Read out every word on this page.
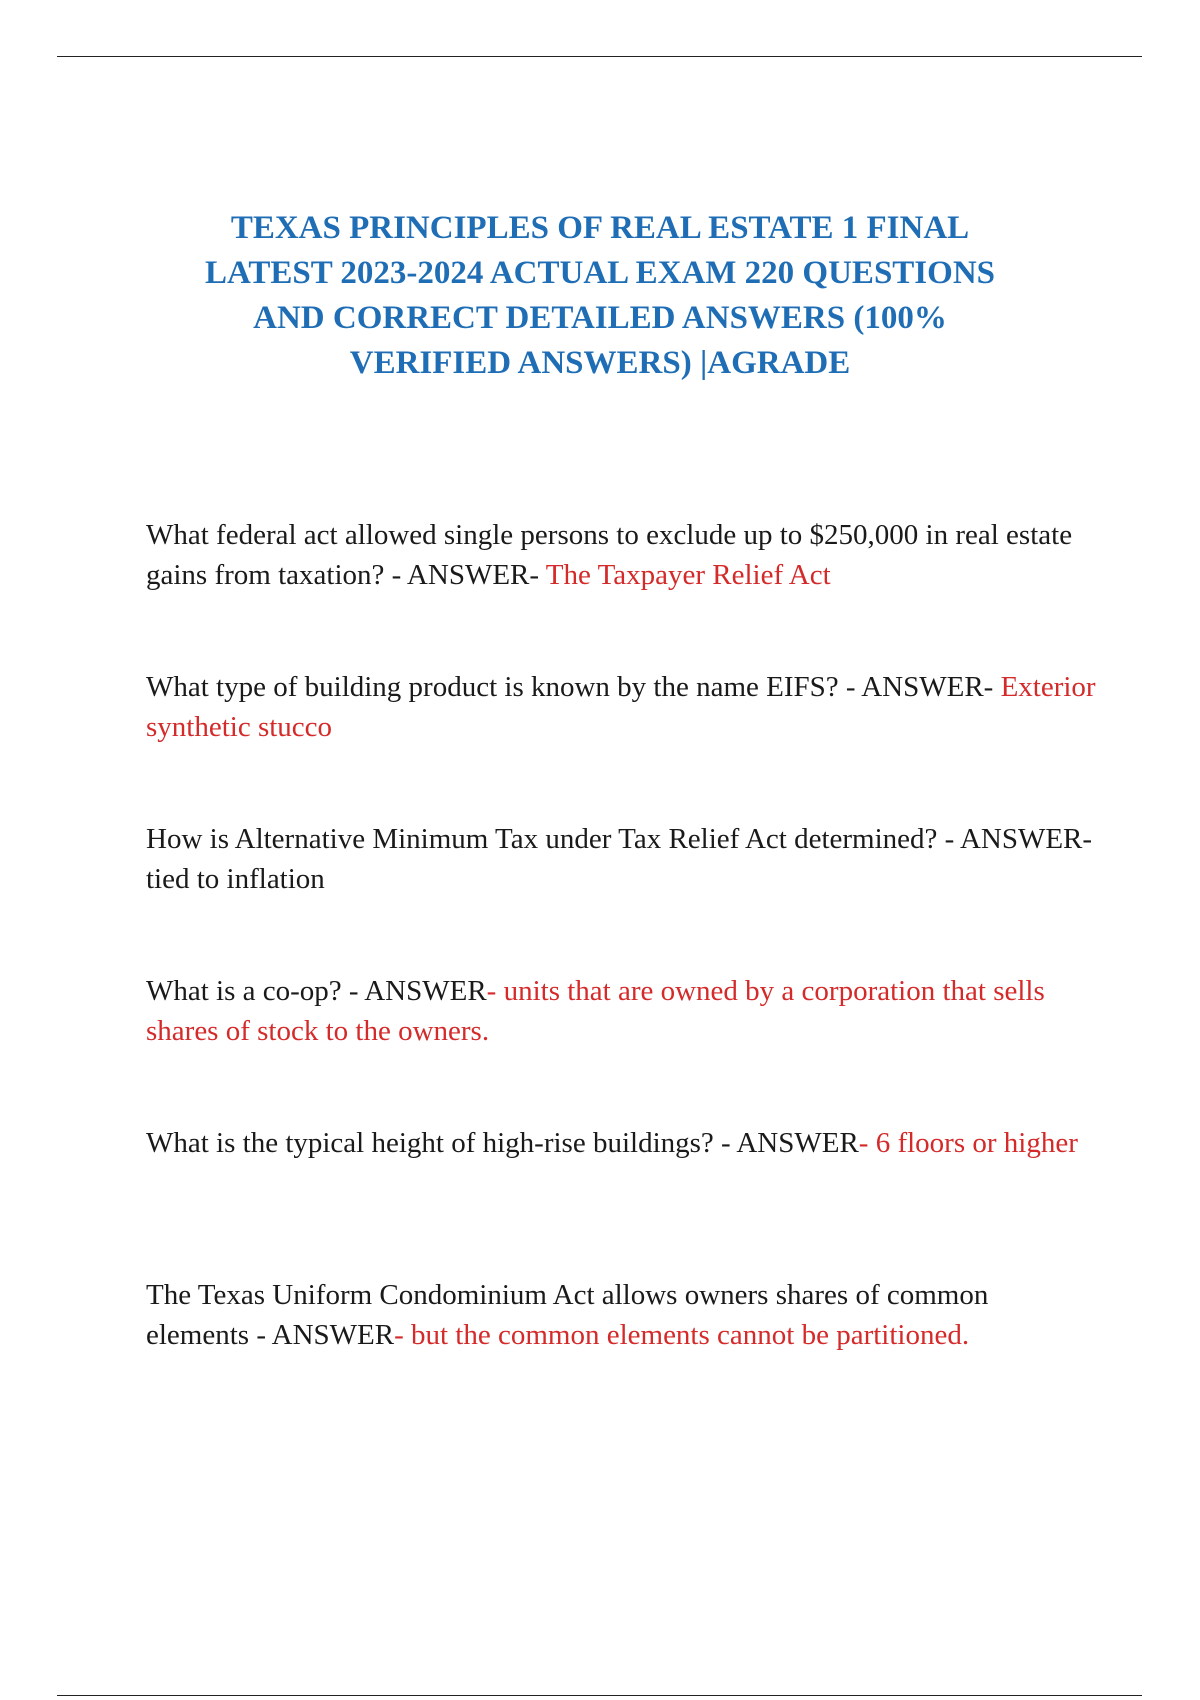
TEXAS PRINCIPLES OF REAL ESTATE 1 FINAL
LATEST 2023-2024 ACTUAL EXAM 220 QUESTIONS
AND CORRECT DETAILED ANSWERS (100%
VERIFIED ANSWERS) |AGRADE
What federal act allowed single persons to exclude up to $250,000 in real estate gains from taxation? - ANSWER- The Taxpayer Relief Act
What type of building product is known by the name EIFS? - ANSWER- Exterior synthetic stucco
How is Alternative Minimum Tax under Tax Relief Act determined? - ANSWER- tied to inflation
What is a co-op? - ANSWER- units that are owned by a corporation that sells shares of stock to the owners.
What is the typical height of high-rise buildings? - ANSWER- 6 floors or higher
The Texas Uniform Condominium Act allows owners shares of common elements - ANSWER- but the common elements cannot be partitioned.
